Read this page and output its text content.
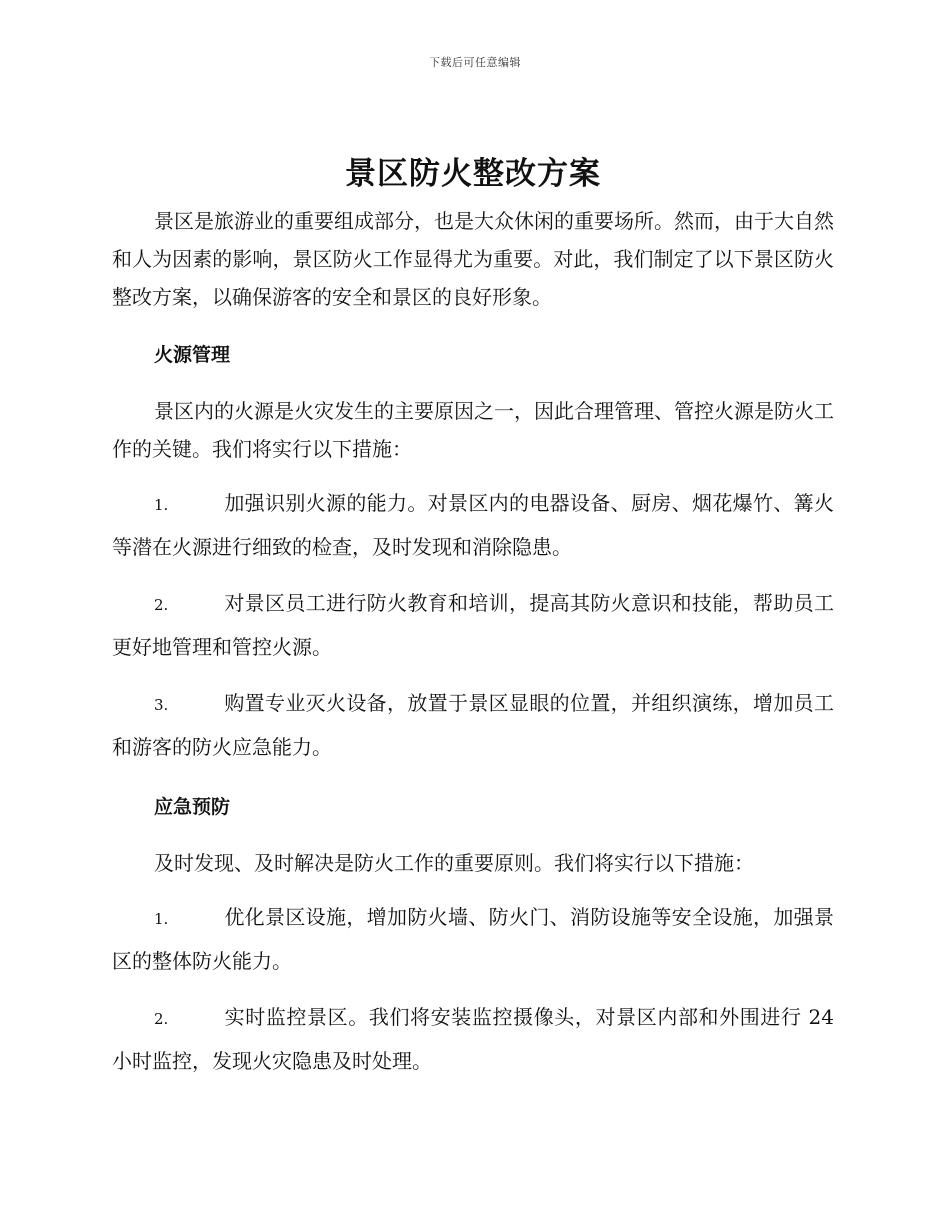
下载后可任意编辑
景区防火整改方案

景区是旅游业的重要组成部分，也是大众休闲的重要场所。然而，由于大自然和人为因素的影响，景区防火工作显得尤为重要。对此，我们制定了以下景区防火整改方案，以确保游客的安全和景区的良好形象。

火源管理

景区内的火源是火灾发生的主要原因之一，因此合理管理、管控火源是防火工作的关键。我们将实行以下措施：

1.	加强识别火源的能力。对景区内的电器设备、厨房、烟花爆竹、篝火等潜在火源进行细致的检查，及时发现和消除隐患。

2.	对景区员工进行防火教育和培训，提高其防火意识和技能，帮助员工更好地管理和管控火源。

3.	购置专业灭火设备，放置于景区显眼的位置，并组织演练，增加员工和游客的防火应急能力。

应急预防

及时发现、及时解决是防火工作的重要原则。我们将实行以下措施：

1.	优化景区设施，增加防火墙、防火门、消防设施等安全设施，加强景区的整体防火能力。

2.	实时监控景区。我们将安装监控摄像头，对景区内部和外围进行 24 小时监控，发现火灾隐患及时处理。
